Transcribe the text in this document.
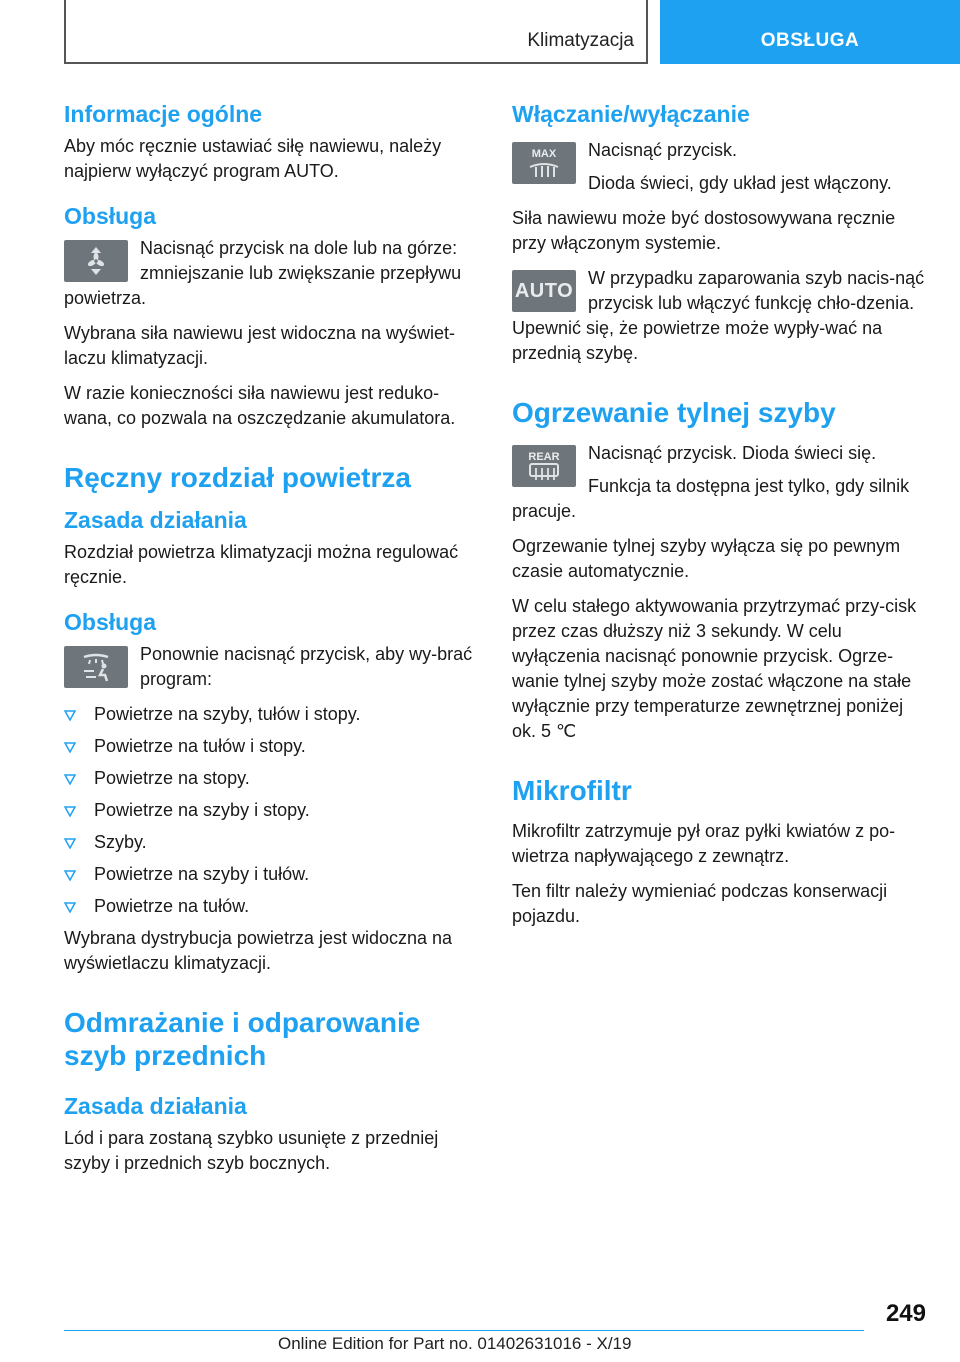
Klimatyzacja	OBSŁUGA
Informacje ogólne

Aby móc ręcznie ustawiać siłę nawiewu, należy najpierw wyłączyć program AUTO.

Obsługa

Nacisnąć przycisk na dole lub na górze: zmniejszanie lub zwiększanie przepływu powietrza.

Wybrana siła nawiewu jest widoczna na wyświet‐laczu klimatyzacji.

W razie konieczności siła nawiewu jest reduko‐wana, co pozwala na oszczędzanie akumulatora.

Ręczny rozdział powietrza
Zasada działania

Rozdział powietrza klimatyzacji można regulować ręcznie.

Obsługa

Ponownie nacisnąć przycisk, aby wy‐brać program:

Powietrze na szyby, tułów i stopy.
Powietrze na tułów i stopy.
Powietrze na stopy.
Powietrze na szyby i stopy.
Szyby.
Powietrze na szyby i tułów.
Powietrze na tułów.

Wybrana dystrybucja powietrza jest widoczna na wyświetlaczu klimatyzacji.

Odmrażanie i odparowanie szyb przednich
Zasada działania

Lód i para zostaną szybko usunięte z przedniej szyby i przednich szyb bocznych.

Włączanie/wyłączanie
MAX	Nacisnąć przycisk.

Dioda świeci, gdy układ jest włączony.

Siła nawiewu może być dostosowywana ręcznie przy włączonym systemie.

AUTO

W przypadku zaparowania szyb nacis‐nąć przycisk lub włączyć funkcję chło‐dzenia. Upewnić się, że powietrze może wypły‐wać na przednią szybę.

Ogrzewanie tylnej szyby
REAR	Nacisnąć przycisk. Dioda świeci się.

Funkcja ta dostępna jest tylko, gdy silnik pracuje.

Ogrzewanie tylnej szyby wyłącza się po pewnym czasie automatycznie.

W celu stałego aktywowania przytrzymać przy‐cisk przez czas dłuższy niż 3 sekundy. W celu wyłączenia nacisnąć ponownie przycisk. Ogrze‐wanie tylnej szyby może zostać włączone na stałe wyłącznie przy temperaturze zewnętrznej poniżej ok. 5 ℃

Mikrofiltr

Mikrofiltr zatrzymuje pył oraz pyłki kwiatów z po‐wietrza napływającego z zewnątrz.

Ten filtr należy wymieniać podczas konserwacji pojazdu.

249
Online Edition for Part no. 01402631016 - X/19
